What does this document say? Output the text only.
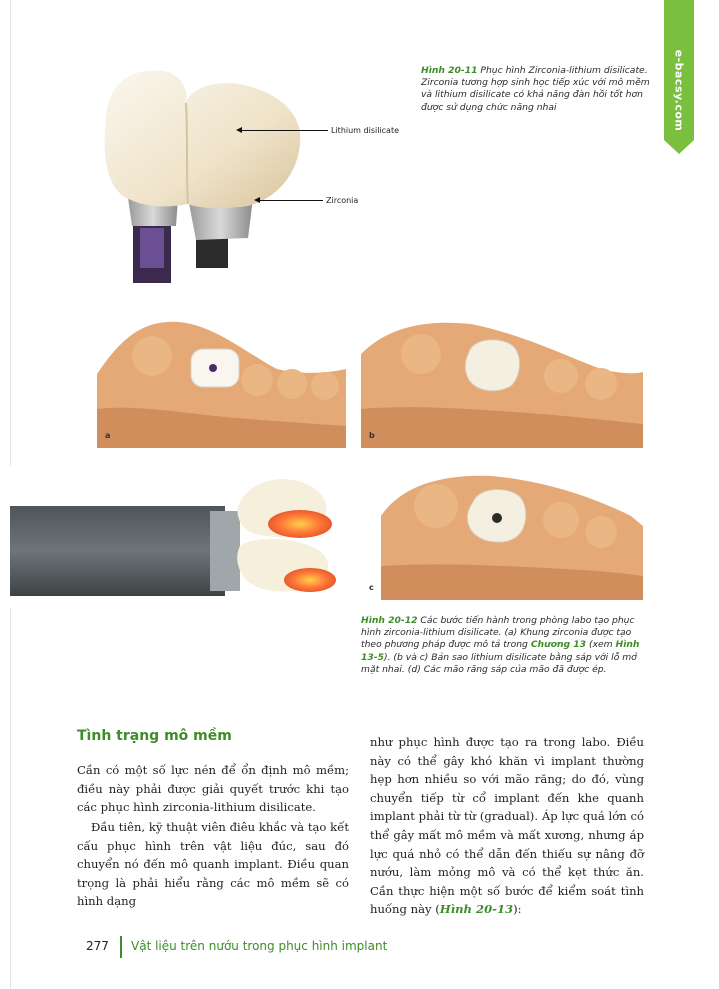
e-bacsy.com
Lithium disilicate
Zirconia
Hình 20-11 Phục hình Zirconia-lithium disilicate. Zirconia tương hợp sinh học tiếp xúc với mô mềm và lithium disilicate có khả năng đàn hồi tốt hơn được sử dụng chức năng nhai
a	b
c
Hình 20-12 Các bước tiến hành trong phòng labo tạo phục hình zirconia-lithium disilicate. (a) Khung zirconia được tạo theo phương pháp được mô tả trong Chương 13 (xem Hình 13-5). (b và c) Bản sao lithium disilicate bằng sáp với lỗ mở mặt nhai. (d) Các mão răng sáp của mão đã được ép.
Tình trạng mô mềm
Cần có một số lực nén để ổn định mô mềm; điều này phải được giải quyết trước khi tạo các phục hình zirconia-lithium disilicate.
Đầu tiên, kỹ thuật viên điêu khắc và tạo kết cấu phục hình trên vật liệu đúc, sau đó chuyển nó đến mô quanh implant. Điều quan trọng là phải hiểu rằng các mô mềm sẽ có hình dạng
như phục hình được tạo ra trong labo. Điều này có thể gây khó khăn vì implant thường hẹp hơn nhiều so với mão răng; do đó, vùng chuyển tiếp từ cổ implant đến khe quanh implant phải từ từ (gradual). Áp lực quá lớn có thể gây mất mô mềm và mất xương, nhưng áp lực quá nhỏ có thể dẫn đến thiếu sự nâng đỡ nướu, làm mỏng mô và có thể kẹt thức ăn. Cần thực hiện một số bước để kiểm soát tình huống này (Hình 20-13):
277 Vật liệu trên nướu trong phục hình implant
